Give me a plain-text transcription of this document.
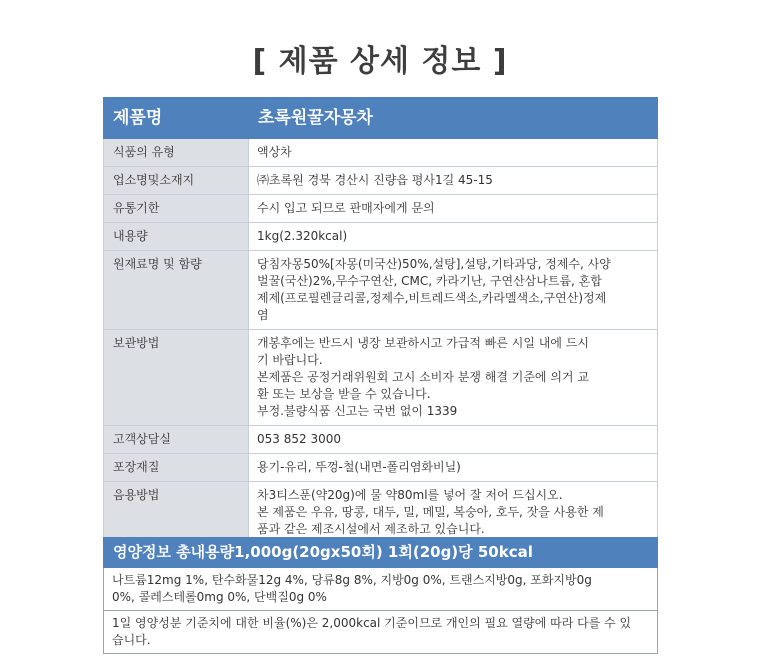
[ 제품 상세 정보 ]
제품명	초록원꿀자몽차
식품의 유형	액상차

업소명및소재지	㈜초록원 경북 경산시 진량읍 평사1길 45-15

유통기한	수시 입고 되므로 판매자에게 문의

내용량	1kg(2.320kcal)

원재료명 및 함량	당침자몽50%[자몽(미국산)50%,설탕],설탕,기타과당, 정제수, 사양
벌꿀(국산)2%,무수구연산, CMC, 카라기난, 구연산삼나트륨, 혼합
제제(프로필렌글리콜,정제수,비트레드색소,카라멜색소,구연산)정제
염

보관방법	개봉후에는 반드시 냉장 보관하시고 가급적 빠른 시일 내에 드시
기 바랍니다.
본제품은 공정거래위원회 고시 소비자 분쟁 해결 기준에 의거 교
환 또는 보상을 받을 수 있습니다.
부정.불량식품 신고는 국번 없이 1339

고객상담실	053 852 3000

포장재질	용기-유리, 뚜껑-철(내면-폴리염화비닐)

음용방법	차3티스푼(약20g)에 물 약80ml를 넣어 잘 저어 드십시오.
본 제품은 우유, 땅콩, 대두, 밀, 메밀, 복숭아, 호두, 잣을 사용한 제
품과 같은 제조시설에서 제조하고 있습니다.
영양정보 총내용량1,000g(20gx50회) 1회(20g)당 50kcal

나트륨12mg 1%, 탄수화물12g 4%, 당류8g 8%, 지방0g 0%, 트랜스지방0g, 포화지방0g
0%, 콜레스테롤0mg 0%, 단백질0g 0%

1일 영양성분 기준치에 대한 비율(%)은 2,000kcal 기준이므로 개인의 필요 열량에 따라 다를 수 있
습니다.
